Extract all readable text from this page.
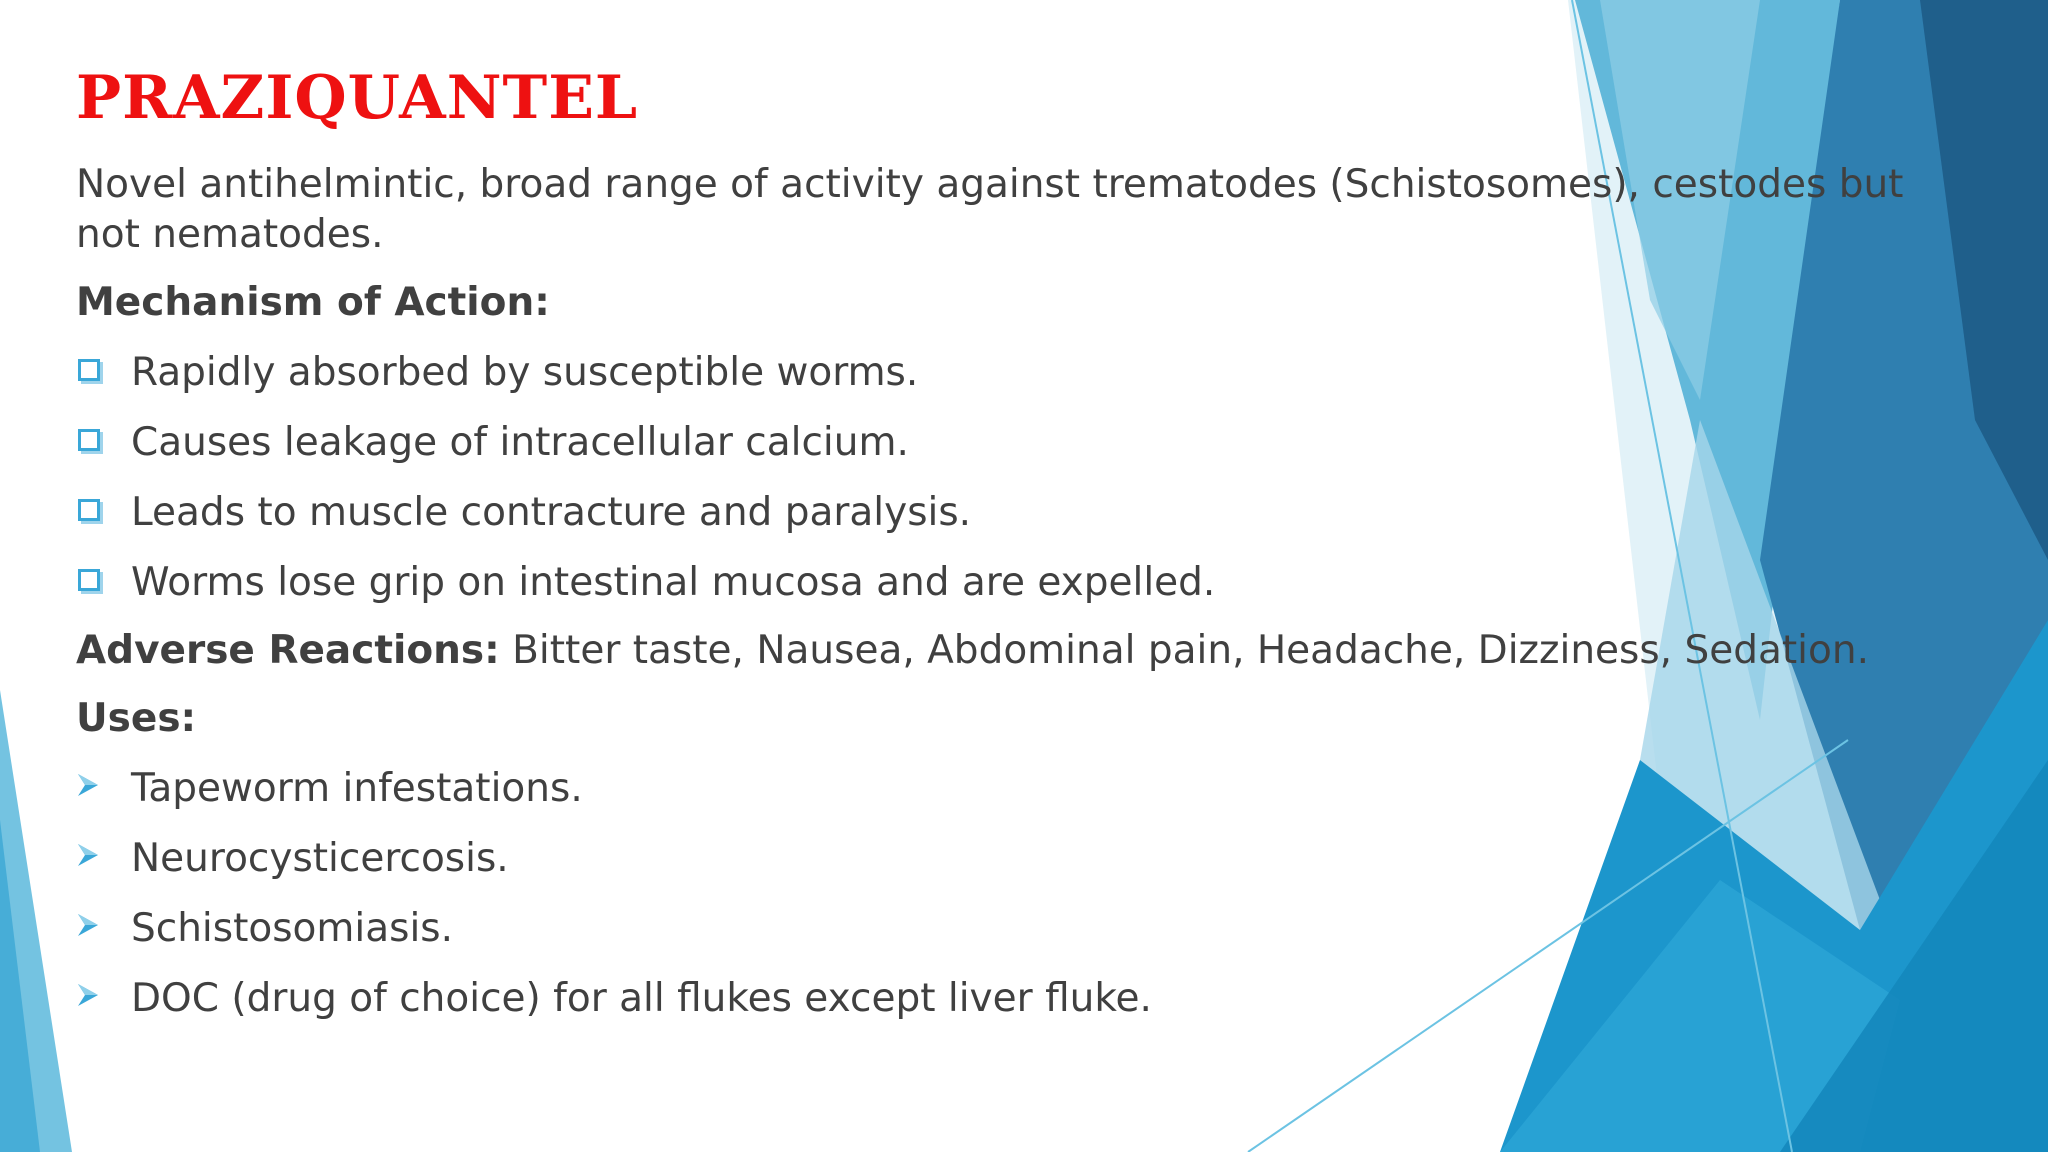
PRAZIQUANTEL
Novel antihelmintic, broad range of activity against trematodes (Schistosomes), cestodes but not nematodes.
Mechanism of Action:
Rapidly absorbed by susceptible worms.
Causes leakage of intracellular calcium.
Leads to muscle contracture and paralysis.
Worms lose grip on intestinal mucosa and are expelled.
Adverse Reactions: Bitter taste, Nausea, Abdominal pain, Headache, Dizziness, Sedation.
Uses:
Tapeworm infestations.
Neurocysticercosis.
Schistosomiasis.
DOC (drug of choice) for all flukes except liver fluke.
